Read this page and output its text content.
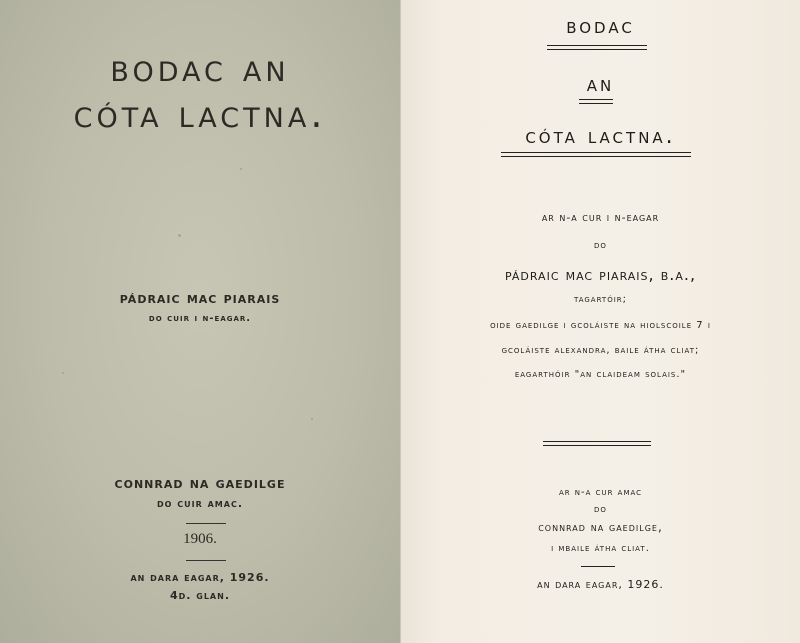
bodac an
cóta lactna.
pádraic mac piarais
do cuir i n-eagar.
connrad na gaedilge
do cuir amac.
1906.
an dara eagar, 1926.
4d. glan.
bodac
an
cóta lactna.
ar n-a cur i n-eagar
do
pádraic mac piarais, b.a.,
tagartóir;
oide gaedilge i gcoláiste na hiolscoile 7 i
gcoláiste alexandra, baile átha cliat;
eagarthóir "an claideam solais."
ar n-a cur amac
do
connrad na gaedilge,
i mbaile átha cliat.
an dara eagar, 1926.
